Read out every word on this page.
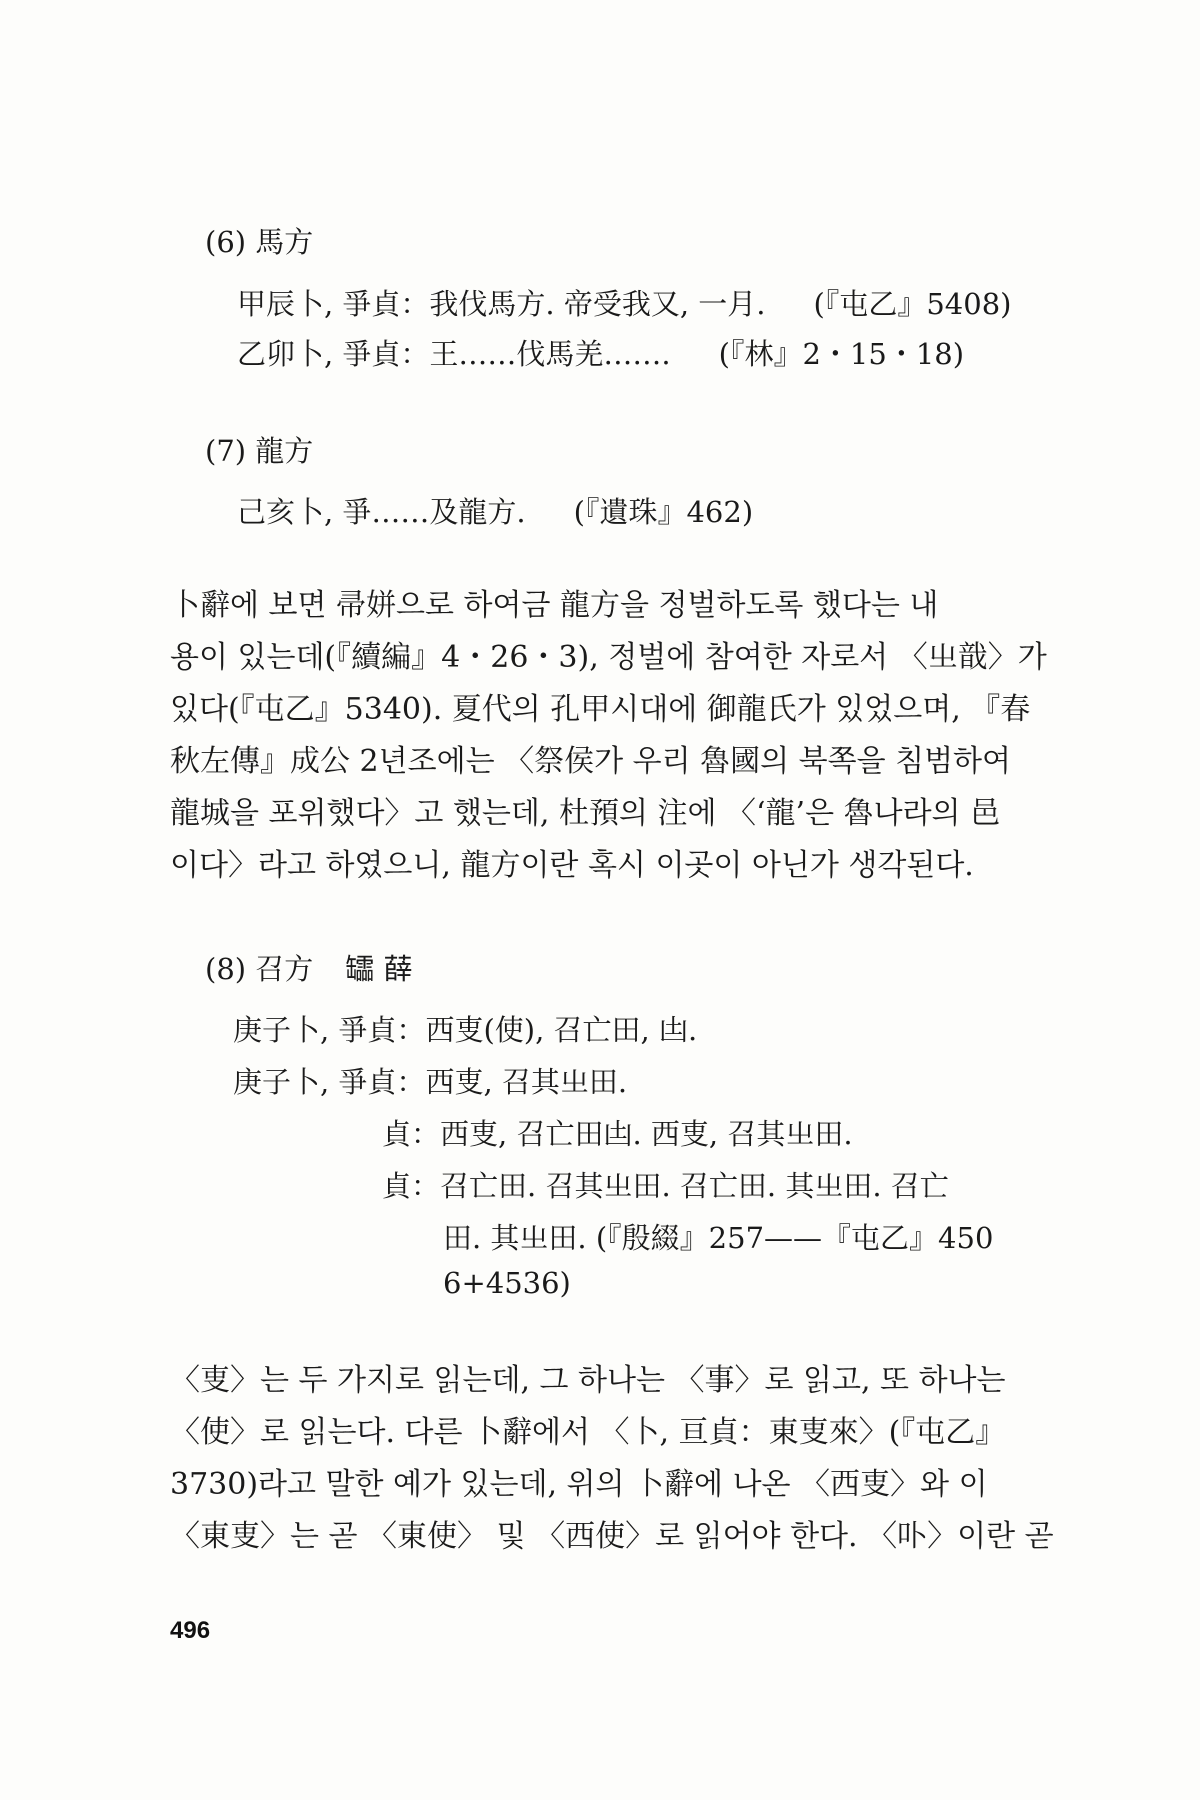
(6) 馬方
甲辰卜, 爭貞：我伐馬方. 帝受我又, 一月. (『屯乙』5408)
乙卯卜, 爭貞：王……伐馬羌……. (『林』2・15・18)
(7) 龍方
己亥卜, 爭……及龍方. (『遺珠』462)
卜辭에 보면 帚姘으로 하여금 龍方을 정벌하도록 했다는 내
용이 있는데(『續編』4・26・3), 정벌에 참여한 자로서 〈㞢戠〉가
있다(『屯乙』5340). 夏代의 孔甲시대에 御龍氏가 있었으며, 『春
秋左傳』成公 2년조에는 〈祭侯가 우리 魯國의 북쪽을 침범하여
龍城을 포위했다〉고 했는데, 杜預의 注에 〈‘龍’은 魯나라의 邑
이다〉라고 하였으니, 龍方이란 혹시 이곳이 아닌가 생각된다.
(8) 召方 𦉢 薛
庚子卜, 爭貞：西叓(使), 召亡田, 凷.
庚子卜, 爭貞：西叓, 召其㞢田.
貞：西叓, 召亡田凷. 西叓, 召其㞢田.
貞：召亡田. 召其㞢田. 召亡田. 其㞢田. 召亡
田. 其㞢田. (『殷綴』257——『屯乙』450
6+4536)
〈叓〉는 두 가지로 읽는데, 그 하나는 〈事〉로 읽고, 또 하나는
〈使〉로 읽는다. 다른 卜辭에서 〈卜, 亘貞：東叓來〉(『屯乙』
3730)라고 말한 예가 있는데, 위의 卜辭에 나온 〈西叓〉와 이
〈東叓〉는 곧 〈東使〉 및 〈西使〉로 읽어야 한다. 〈卟〉이란 곧
496
